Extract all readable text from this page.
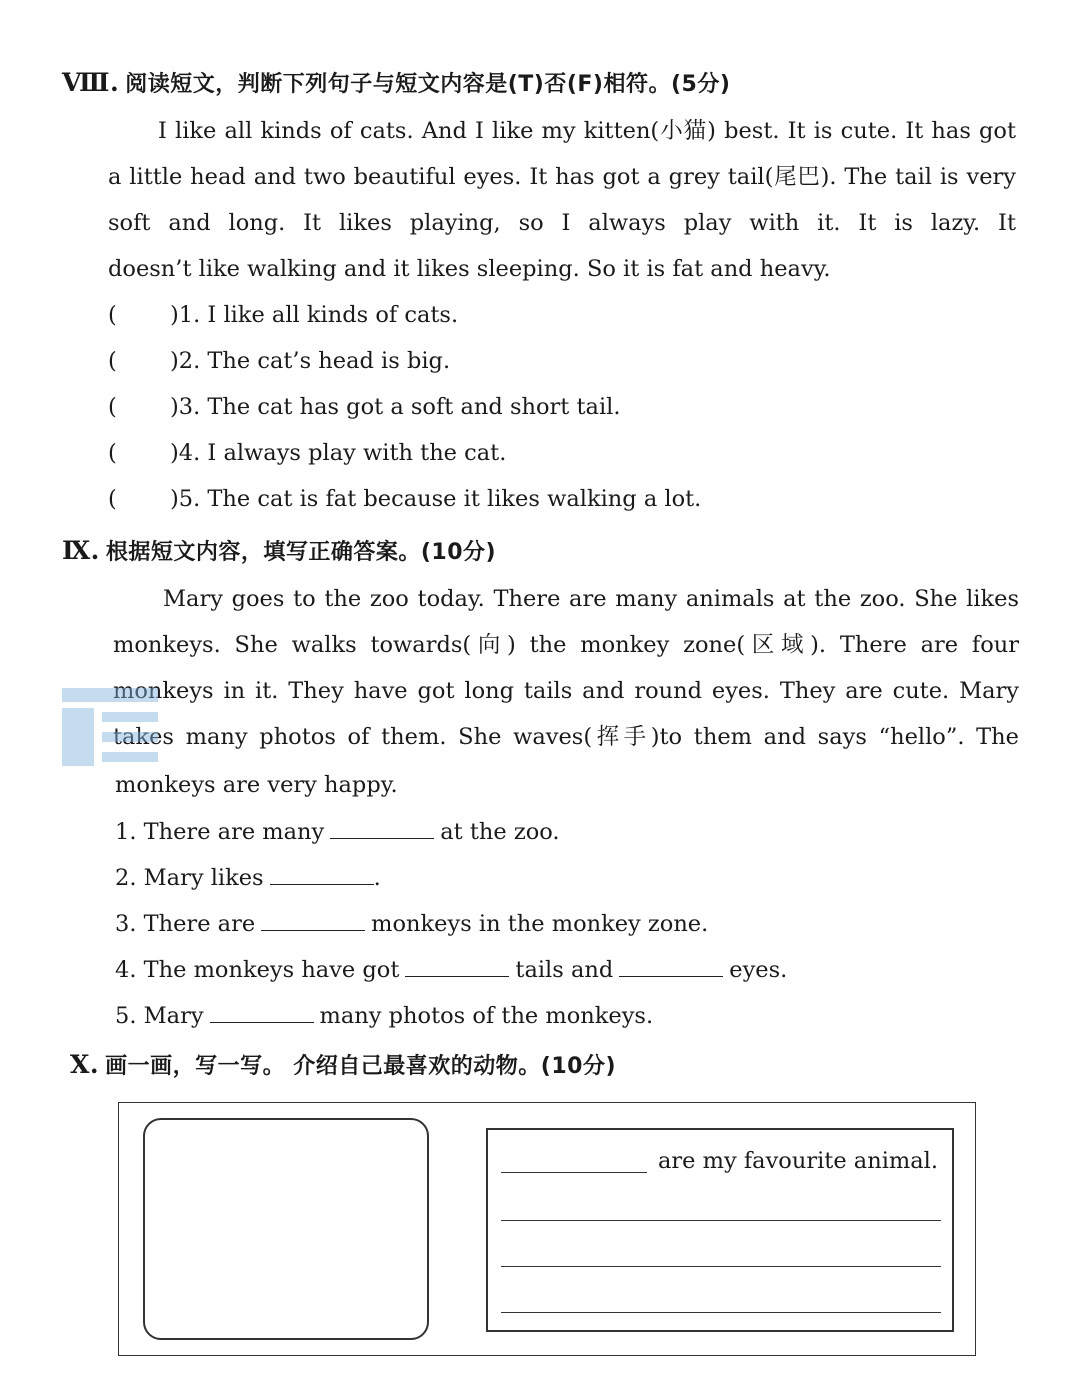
Ⅷ. 阅读短文，判断下列句子与短文内容是(T)否(F)相符。(5分)

I like all kinds of cats. And I like my kitten(小猫) best. It is cute. It has got a little head and two beautiful eyes. It has got a grey tail(尾巴). The tail is very soft and long. It likes playing, so I always play with it. It is lazy. It

doesn’t like walking and it likes sleeping. So it is fat and heavy.
( )1. I like all kinds of cats.
( )2. The cat’s head is big.
( )3. The cat has got a soft and short tail.
( )4. I always play with the cat.
( )5. The cat is fat because it likes walking a lot.
Ⅸ. 根据短文内容，填写正确答案。(10分)

Mary goes to the zoo today. There are many animals at the zoo. She likes monkeys. She walks towards(向) the monkey zone(区域). There are four monkeys in it. They have got long tails and round eyes. They are cute. Mary takes many photos of them. She waves(挥手)to them and says “hello”. The

monkeys are very happy.
1. There are many	at the zoo.
2. Mary likes	.
3. There are	monkeys in the monkey zone.
4. The monkeys have got	tails and	eyes.
5. Mary	many photos of the monkeys.
Ⅹ. 画一画，写一写。 介绍自己最喜欢的动物。(10分)
are my favourite animal.
